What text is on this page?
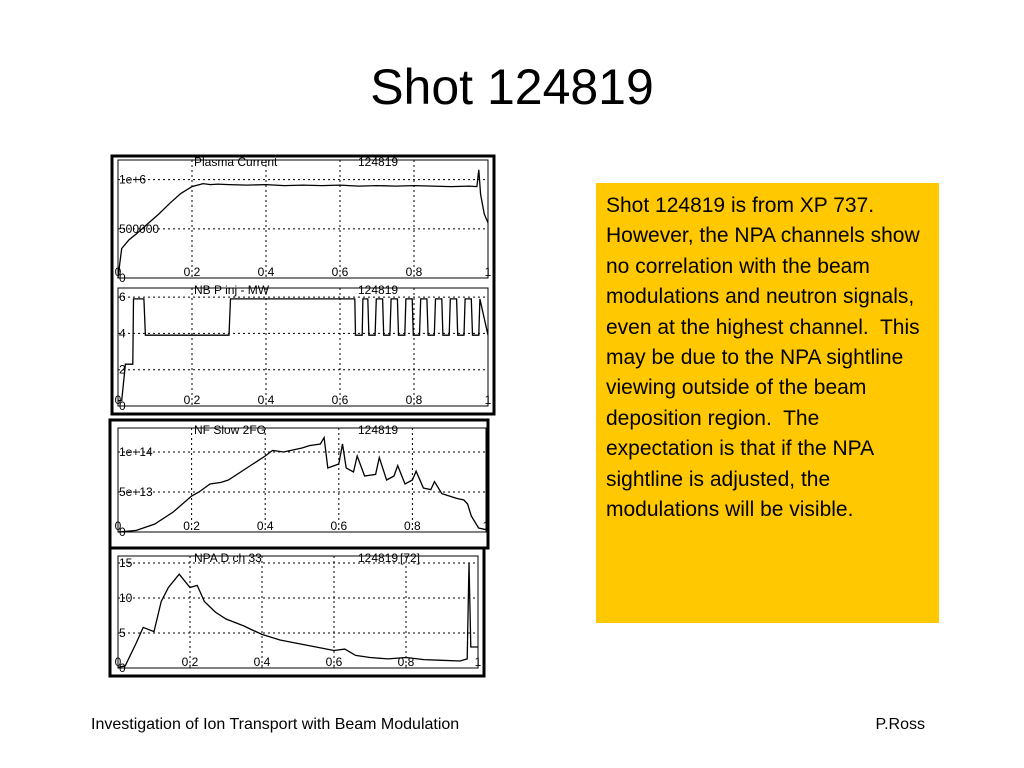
Shot 124819
0	0.2	0.4	0.6	0.8	1
0
500000
1e+6
Plasma Current	124819
0	0.2	0.4	0.6	0.8	1
0
2
4
6
NB P inj - MW	124819
0	0.2	0.4	0.6	0.8	1
0
5e+13
1e+14
NF Slow 2FG	124819
0	0.2	0.4	0.6	0.8	1
0
5
10
15	NPA D ch 33	124819 [72]
Shot 124819 is from XP 737.  However, the NPA channels show no correlation with the beam modulations and neutron signals, even at the highest channel.  This may be due to the NPA sightline viewing outside of the beam deposition region.  The expectation is that if the NPA sightline is adjusted, the modulations will be visible.
Investigation of Ion Transport with Beam Modulation	P.Ross
